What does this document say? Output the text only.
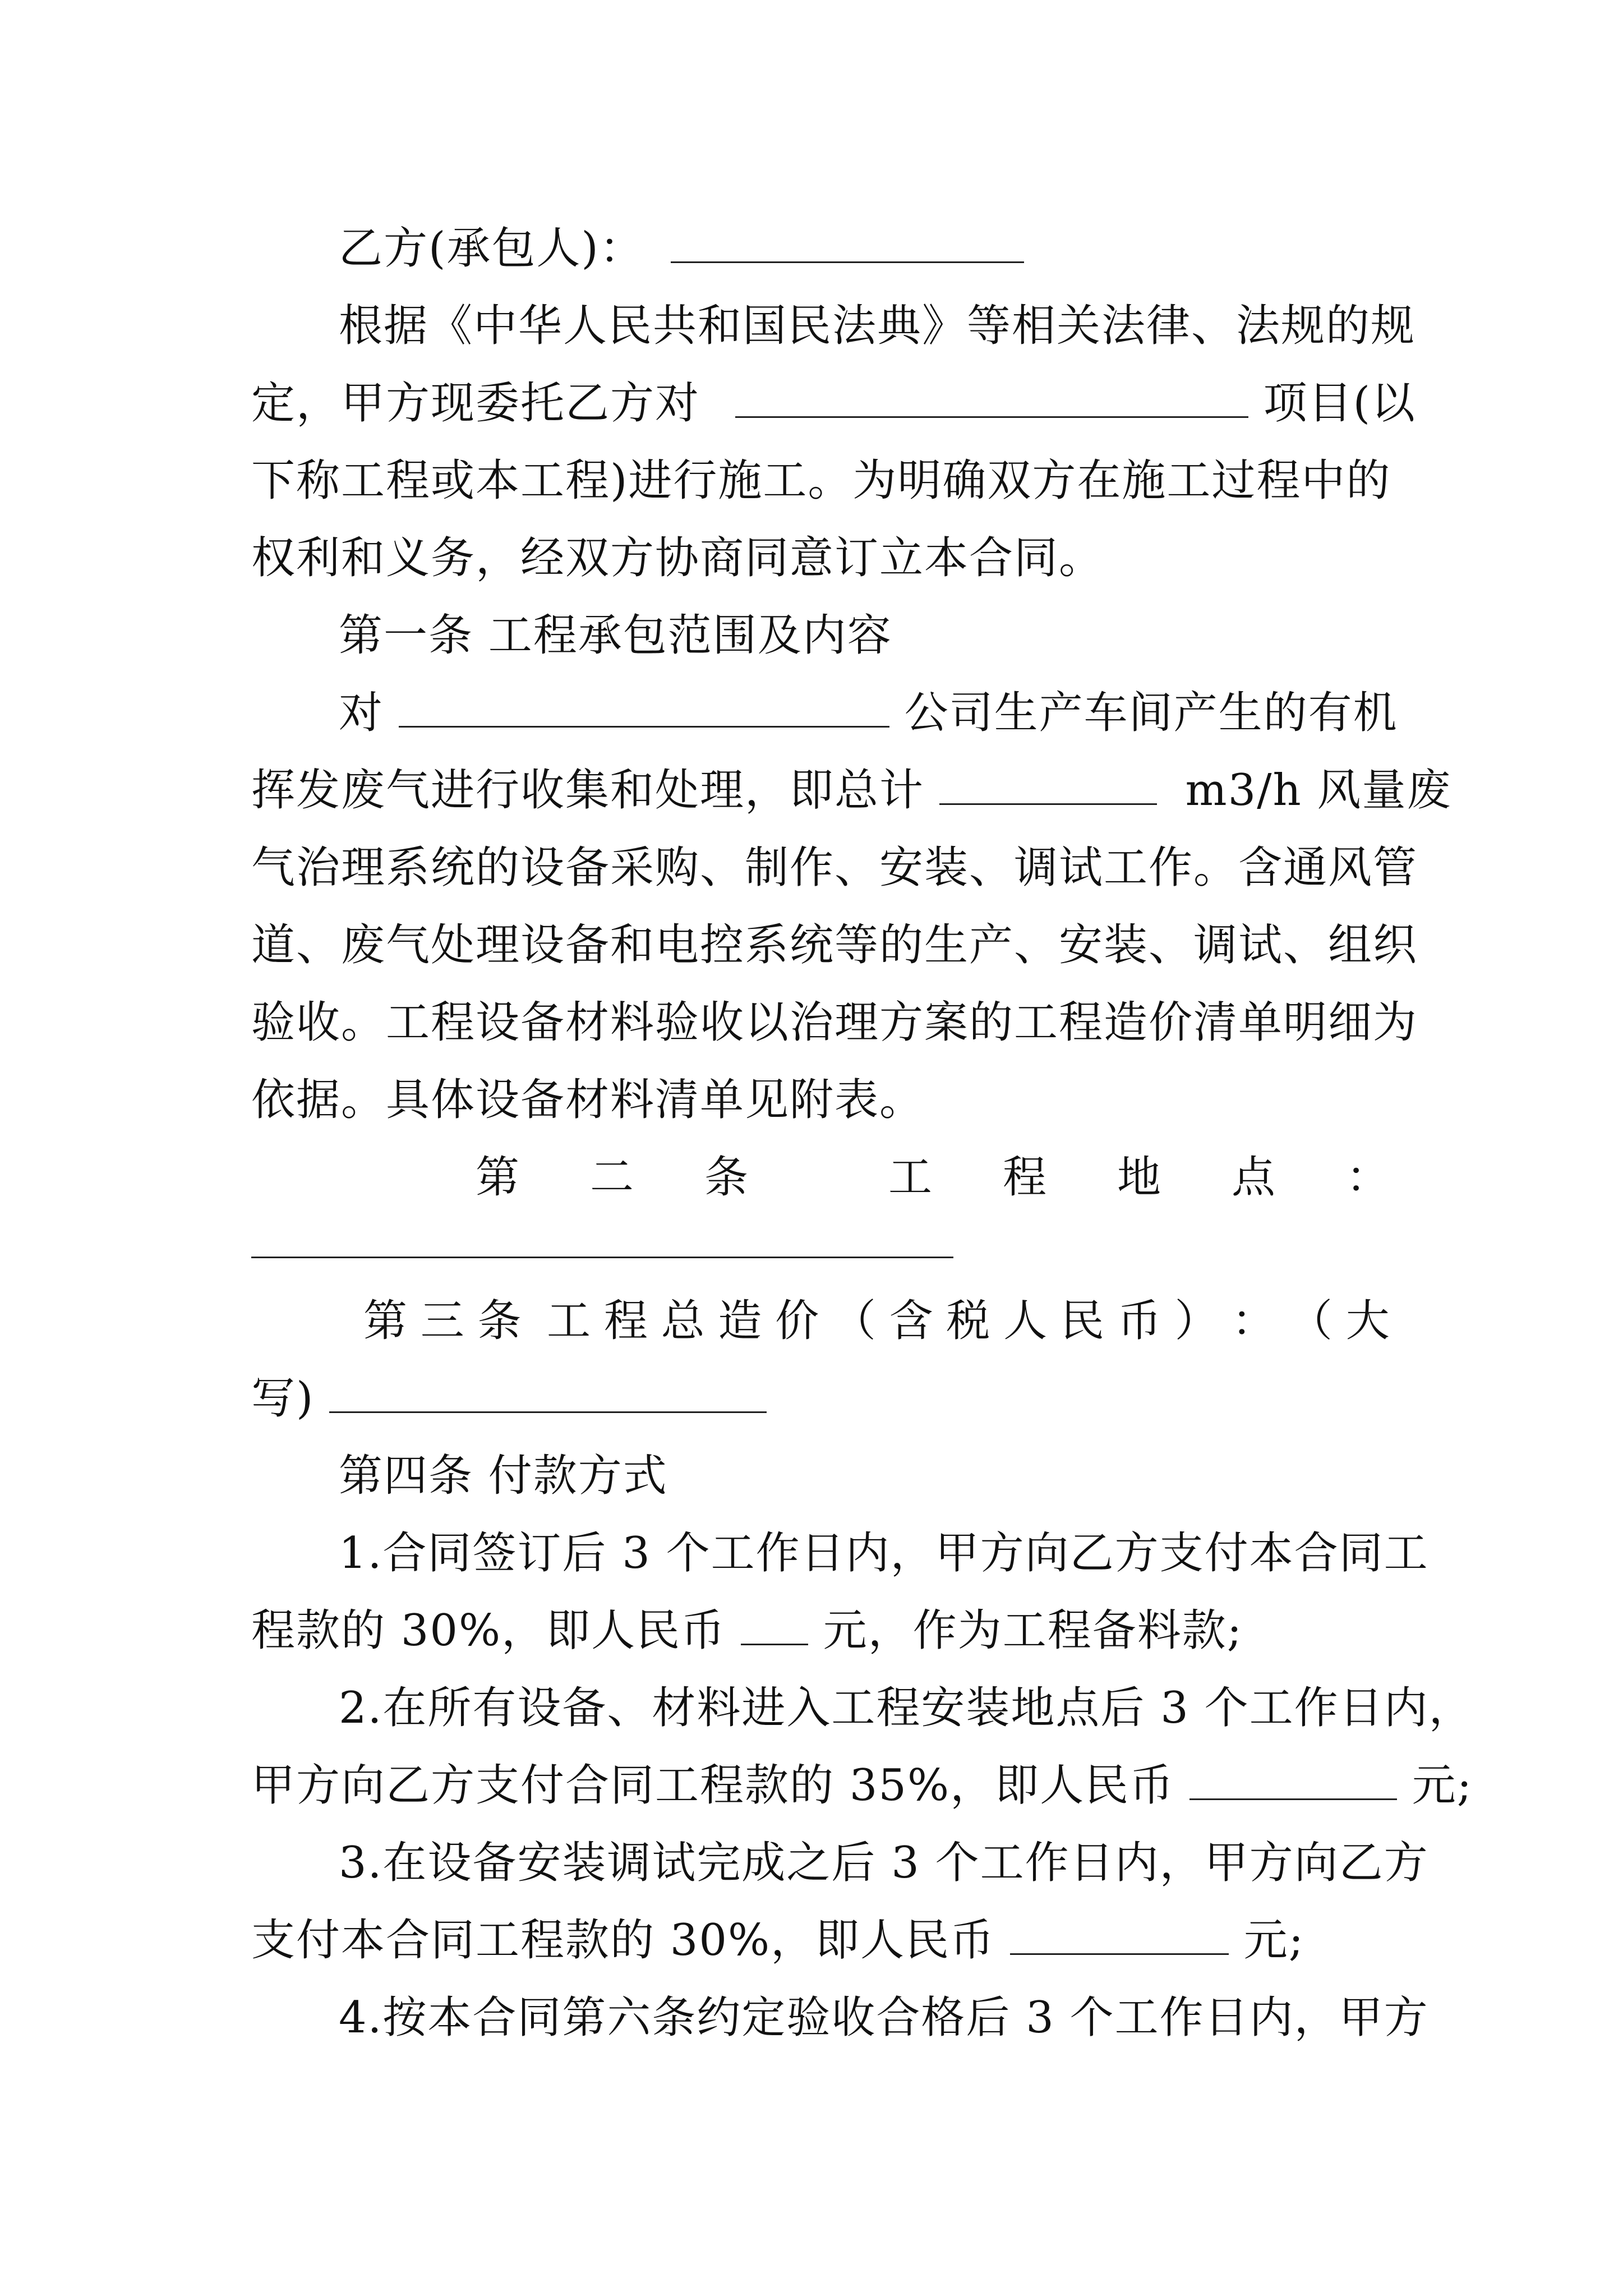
乙方(承包人)：
根据《中华人民共和国民法典》等相关法律、法规的规
定，甲方现委托乙方对	项目(以
下称工程或本工程)进行施工。为明确双方在施工过程中的
权利和义务，经双方协商同意订立本合同。
第一条 工程承包范围及内容
对	公司生产车间产生的有机
挥发废气进行收集和处理，即总计	m3/h 风量废
气治理系统的设备采购、制作、安装、调试工作。含通风管
道、废气处理设备和电控系统等的生产、安装、调试、组织
验收。工程设备材料验收以治理方案的工程造价清单明细为
依据。具体设备材料清单见附表。
第 二 条	工 程 地 点 ：
第 三 条 工 程 总 造 价 （ 含 税 人 民 币 ） ： （ 大
写)
第四条 付款方式
1.合同签订后 3 个工作日内，甲方向乙方支付本合同工
程款的 30%，即人民币 元，作为工程备料款;
2.在所有设备、材料进入工程安装地点后 3 个工作日内，
甲方向乙方支付合同工程款的 35%，即人民币	元;
3.在设备安装调试完成之后 3 个工作日内，甲方向乙方
支付本合同工程款的 30%，即人民币	元;
4.按本合同第六条约定验收合格后 3 个工作日内，甲方
